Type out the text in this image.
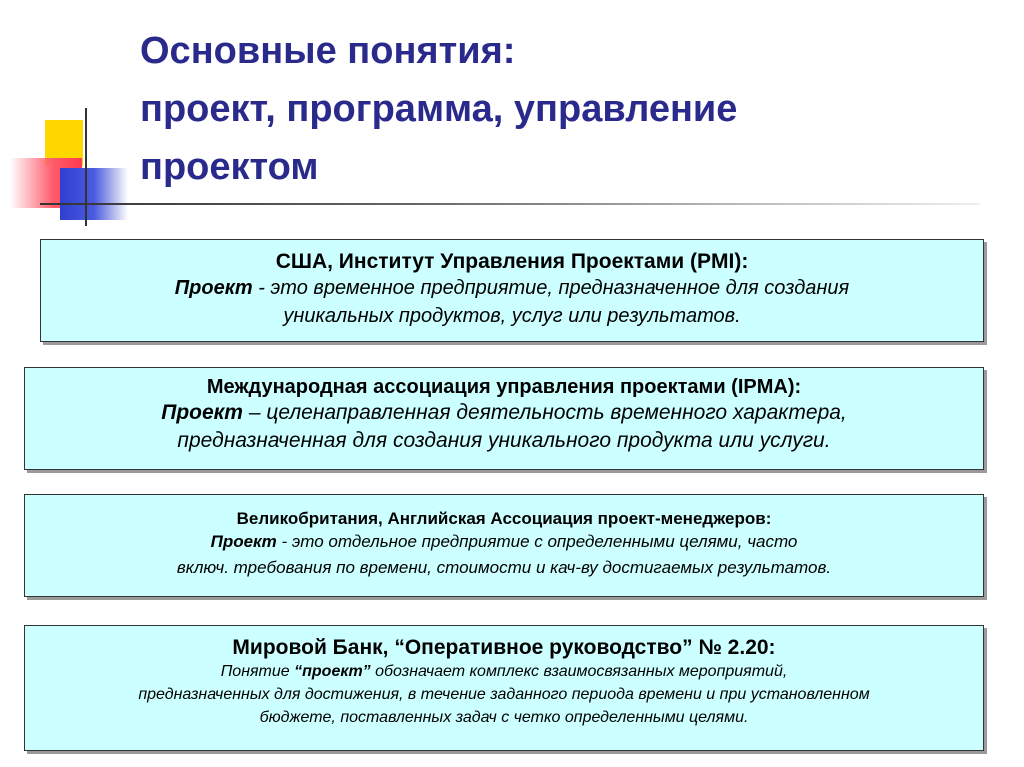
Основные понятия:
проект, программа, управление
проектом
США, Институт Управления Проектами (PMI):
Проект - это временное предприятие, предназначенное для создания
уникальных продуктов, услуг или результатов.
Международная ассоциация управления проектами (IPMA):
Проект – целенаправленная деятельность временного характера,
предназначенная для создания уникального продукта или услуги.
Великобритания, Английская Ассоциация проект-менеджеров:
Проект - это отдельное предприятие с определенными целями, часто
включ. требования по времени, стоимости и кач-ву достигаемых результатов.
Мировой Банк, “Оперативное руководство” № 2.20:
Понятие “проект” обозначает комплекс взаимосвязанных мероприятий,
предназначенных для достижения, в течение заданного периода времени и при установленном
бюджете, поставленных задач с четко определенными целями.
